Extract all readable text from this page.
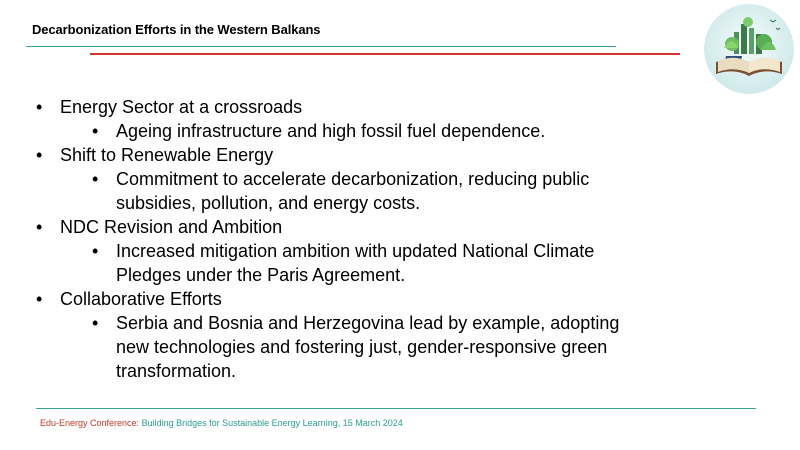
Decarbonization Efforts in the Western Balkans
• Energy Sector at a crossroads
• Ageing infrastructure and high fossil fuel dependence.
• Shift to Renewable Energy
• Commitment to accelerate decarbonization, reducing public subsidies, pollution, and energy costs.
• NDC Revision and Ambition
• Increased mitigation ambition with updated National Climate Pledges under the Paris Agreement.
• Collaborative Efforts
• Serbia and Bosnia and Herzegovina lead by example, adopting new technologies and fostering just, gender-responsive green transformation.
Edu-Energy Conference: Building Bridges for Sustainable Energy Learning, 15 March 2024
